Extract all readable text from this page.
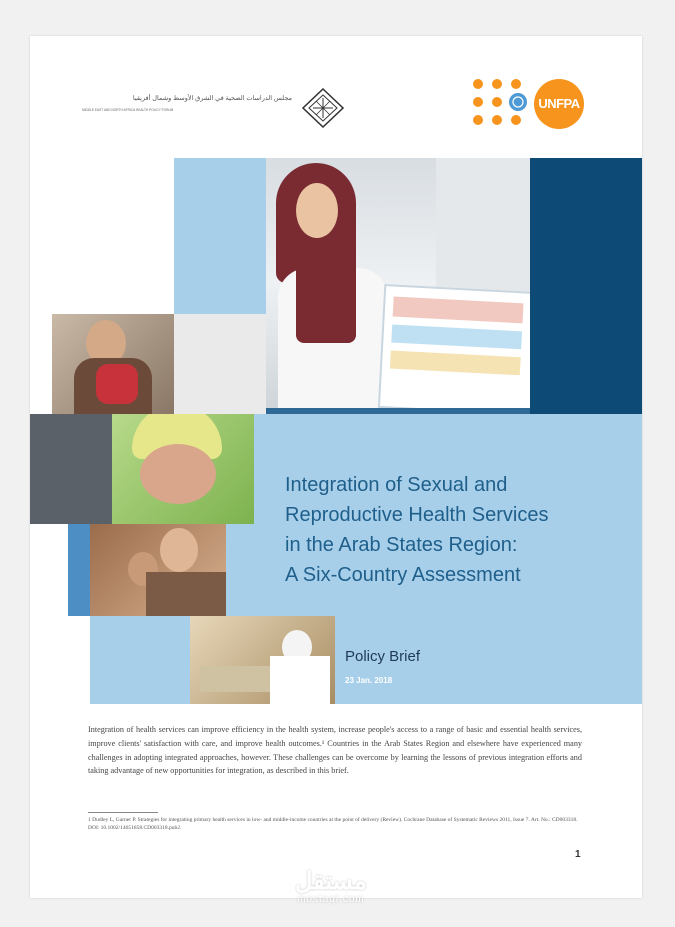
مجلس الدراسات الصحية في الشرق الأوسط وشمال أفريقيا
MIDDLE EAST AND NORTH AFRICA HEALTH POLICY FORUM	UNFPA
Integration of Sexual and
Reproductive Health Services
in the Arab States Region:
A Six-Country Assessment
Policy Brief
23 Jan. 2018
Integration of health services can improve efficiency in the health system, increase people's access to a range of basic and essential health services, improve clients' satisfaction with care, and improve health outcomes.¹ Countries in the Arab States Region and elsewhere have experienced many challenges in adopting integrated approaches, however. These challenges can be overcome by learning the lessons of previous integration efforts and taking advantage of new opportunities for integration, as described in this brief.
1 Dudley L, Garner P. Strategies for integrating primary health services in low- and middle-income countries at the point of delivery (Review). Cochrane Database of Systematic Reviews 2011, Issue 7. Art. No.: CD003318. DOI: 10.1002/14651858.CD003318.pub2.
1
مستقل
mostaql.com
